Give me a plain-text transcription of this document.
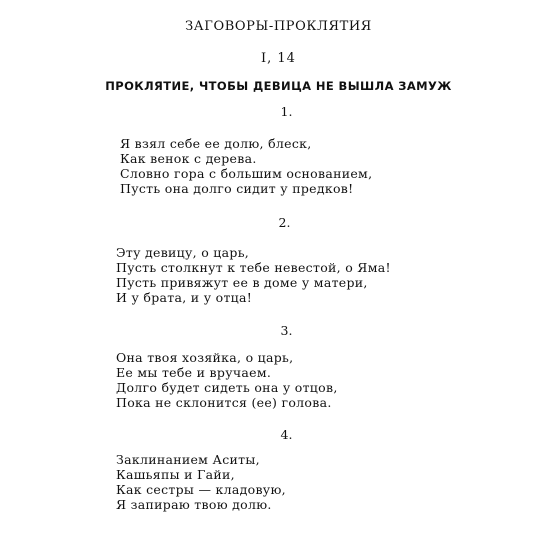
ЗАГОВОРЫ-ПРОКЛЯТИЯ
I, 14
ПРОКЛЯТИЕ, ЧТОБЫ ДЕВИЦА НЕ ВЫШЛА ЗАМУЖ
1.
Я взял себе ее долю, блеск,
Как венок с дерева.
Словно гора с большим основанием,
Пусть она долго сидит у предков!
2.
Эту девицу, о царь,
Пусть столкнут к тебе невестой, о Яма!
Пусть привяжут ее в доме у матери,
И у брата, и у отца!
3.
Она твоя хозяйка, о царь,
Ее мы тебе и вручаем.
Долго будет сидеть она у отцов,
Пока не склонится (ее) голова.
4.
Заклинанием Аситы,
Кашьяпы и Гайи,
Как сестры — кладовую,
Я запираю твою долю.
